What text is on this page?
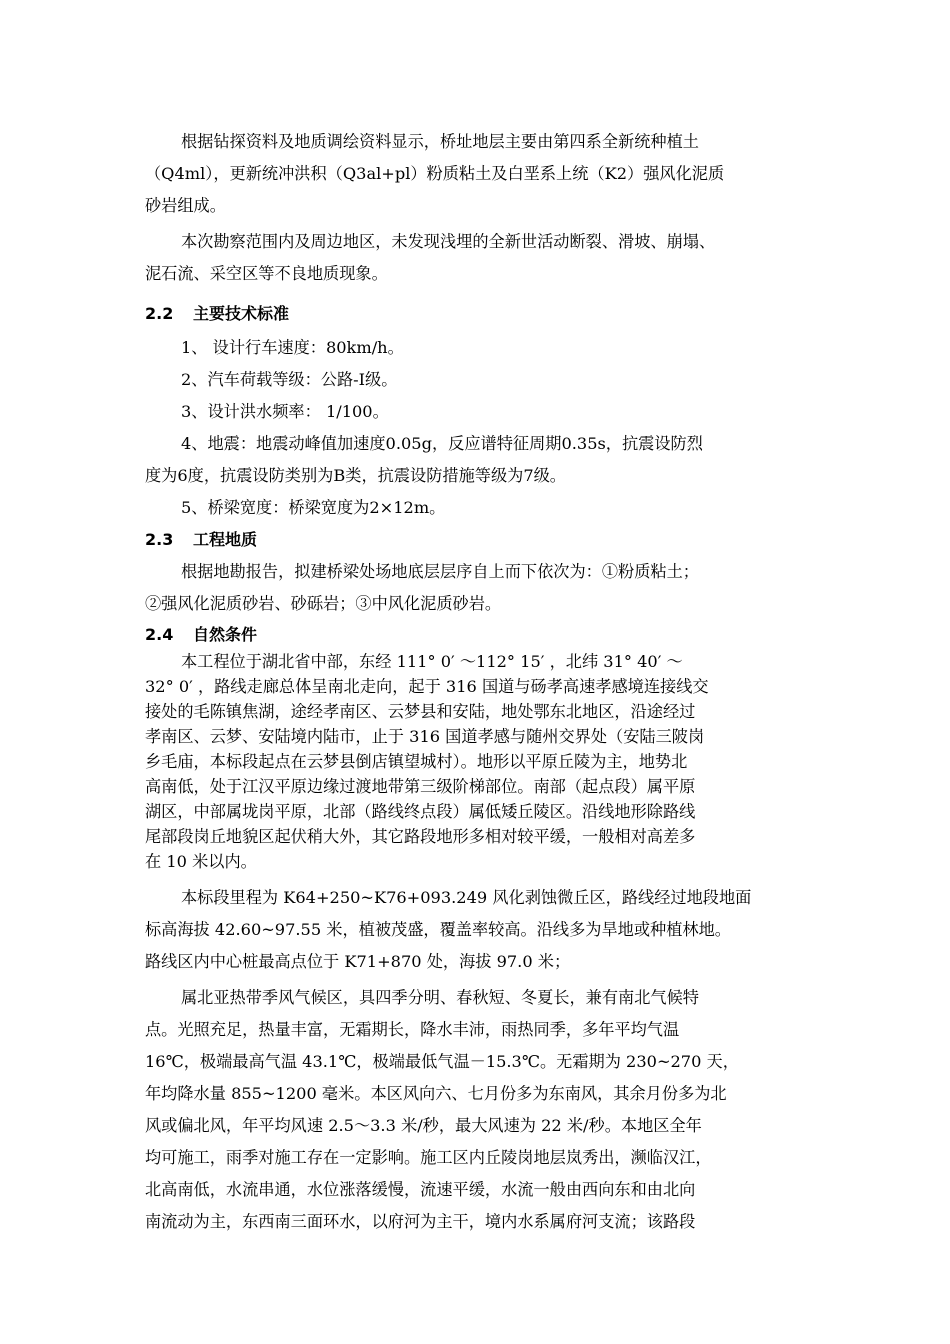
根据钻探资料及地质调绘资料显示，桥址地层主要由第四系全新统种植土

（Q4ml），更新统冲洪积（Q3al+pl）粉质粘土及白垩系上统（K2）强风化泥质

砂岩组成。

本次勘察范围内及周边地区，未发现浅埋的全新世活动断裂、滑坡、崩塌、

泥石流、采空区等不良地质现象。

2.2 主要技术标准

1、 设计行车速度：80km/h。

2、汽车荷载等级：公路-I级。

3、设计洪水频率： 1/100。

4、地震：地震动峰值加速度0.05g，反应谱特征周期0.35s，抗震设防烈

度为6度，抗震设防类别为B类，抗震设防措施等级为7级。

5、桥梁宽度：桥梁宽度为2×12m。

2.3 工程地质

根据地勘报告，拟建桥梁处场地底层层序自上而下依次为：①粉质粘土；

②强风化泥质砂岩、砂砾岩；③中风化泥质砂岩。

2.4 自然条件

本工程位于湖北省中部，东经 111° 0′ ～112° 15′ ，北纬 31° 40′ ～

32° 0′ ，路线走廊总体呈南北走向，起于 316 国道与砀孝高速孝感境连接线交

接处的毛陈镇焦湖，途经孝南区、云梦县和安陆，地处鄂东北地区，沿途经过

孝南区、云梦、安陆境内陆市，止于 316 国道孝感与随州交界处（安陆三陂岗

乡毛庙，本标段起点在云梦县倒店镇望城村）。地形以平原丘陵为主，地势北

高南低，处于江汉平原边缘过渡地带第三级阶梯部位。南部（起点段）属平原

湖区，中部属垅岗平原，北部（路线终点段）属低矮丘陵区。沿线地形除路线

尾部段岗丘地貌区起伏稍大外，其它路段地形多相对较平缓，一般相对高差多

在 10 米以内。

本标段里程为 K64+250~K76+093.249 风化剥蚀微丘区，路线经过地段地面

标高海拔 42.60~97.55 米，植被茂盛，覆盖率较高。沿线多为旱地或种植林地。

路线区内中心桩最高点位于 K71+870 处，海拔 97.0 米；

属北亚热带季风气候区，具四季分明、春秋短、冬夏长，兼有南北气候特

点。光照充足，热量丰富，无霜期长，降水丰沛，雨热同季，多年平均气温

16℃，极端最高气温 43.1℃，极端最低气温－15.3℃。无霜期为 230~270 天，

年均降水量 855~1200 毫米。本区风向六、七月份多为东南风，其余月份多为北

风或偏北风，年平均风速 2.5～3.3 米/秒，最大风速为 22 米/秒。本地区全年

均可施工，雨季对施工存在一定影响。施工区内丘陵岗地层岚秀出，濒临汉江，

北高南低，水流串通，水位涨落缓慢，流速平缓，水流一般由西向东和由北向

南流动为主，东西南三面环水，以府河为主干，境内水系属府河支流；该路段
